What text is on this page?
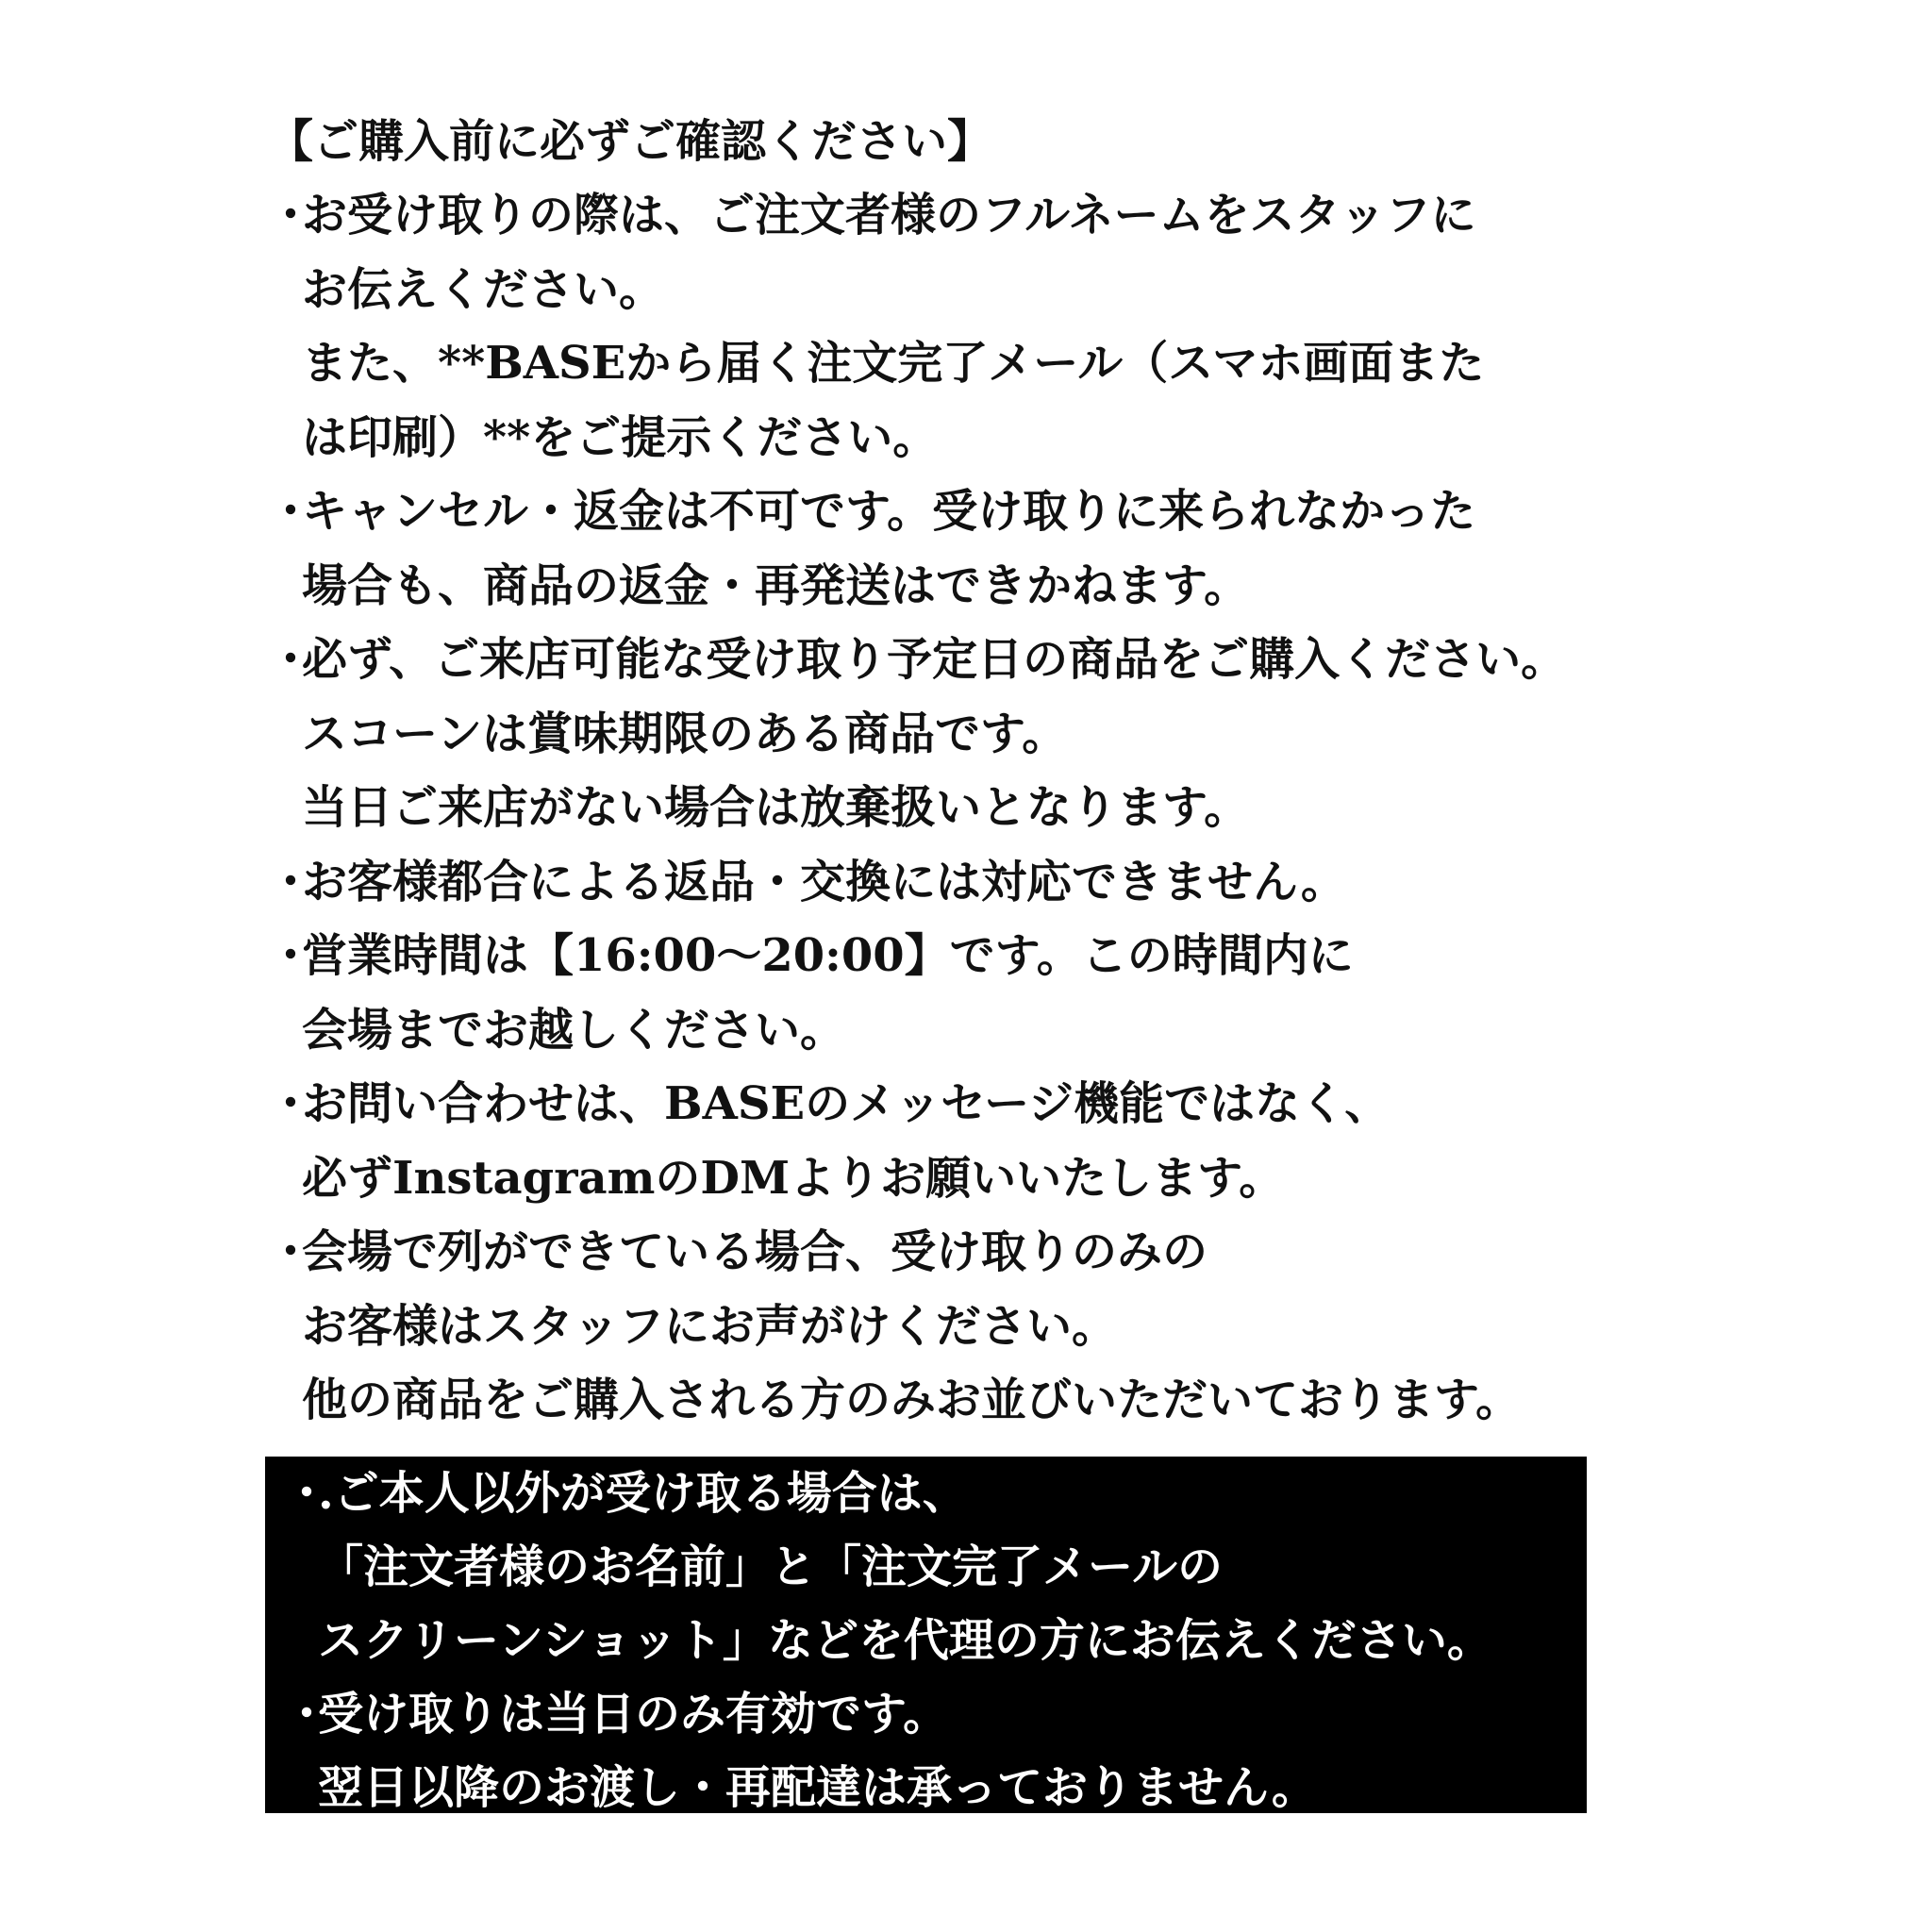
【ご購入前に必ずご確認ください】
・お受け取りの際は、ご注文者様のフルネームをスタッフに
お伝えください。
また、**BASEから届く注文完了メール（スマホ画面また
は印刷）**をご提示ください。
・キャンセル・返金は不可です。受け取りに来られなかった
場合も、商品の返金・再発送はできかねます。
・必ず、ご来店可能な受け取り予定日の商品をご購入ください。
スコーンは賞味期限のある商品です。
当日ご来店がない場合は放棄扱いとなります。
・お客様都合による返品・交換には対応できません。
・営業時間は【16:00〜20:00】です。この時間内に
会場までお越しください。
・お問い合わせは、BASEのメッセージ機能ではなく、
必ずInstagramのDMよりお願いいたします。
・会場で列ができている場合、受け取りのみの
お客様はスタッフにお声がけください。
他の商品をご購入される方のみお並びいただいております。
・.ご本人以外が受け取る場合は、
「注文者様のお名前」と「注文完了メールの
スクリーンショット」などを代理の方にお伝えください。
・受け取りは当日のみ有効です。
翌日以降のお渡し・再配達は承っておりません。
